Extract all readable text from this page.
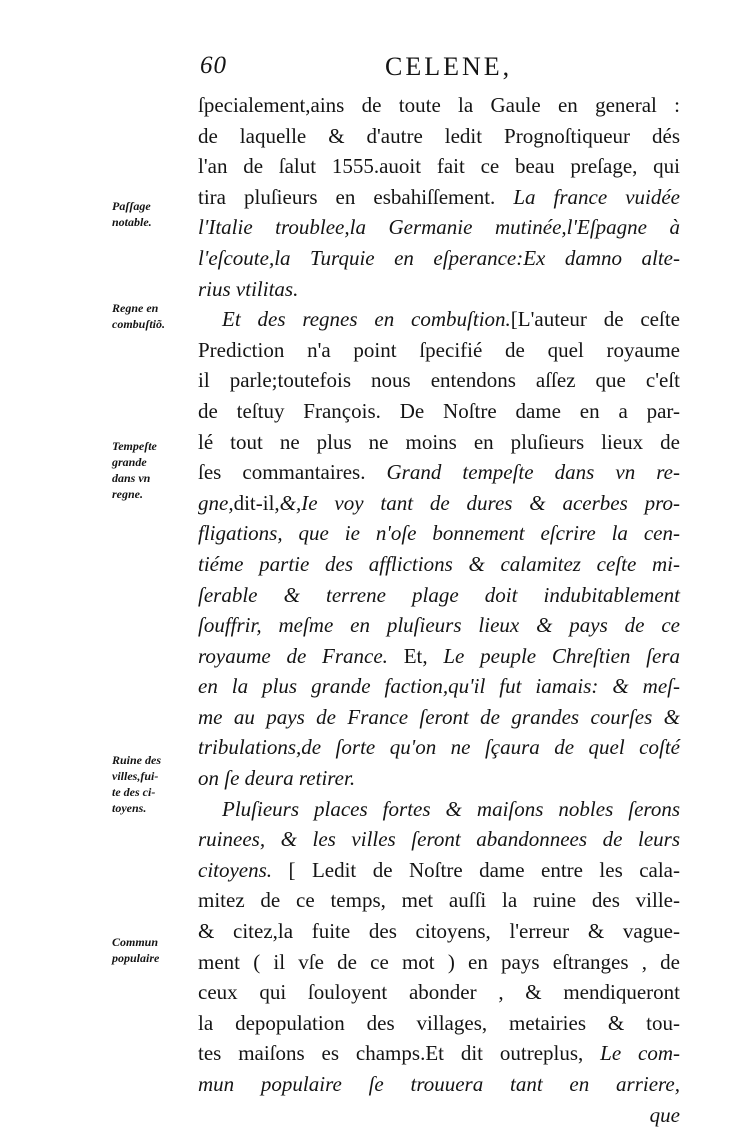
60	CELENE,
ſpecialement,ains de toute la Gaule en general :
de laquelle & d'autre ledit Prognoſtiqueur dés
l'an de ſalut 1555.auoit fait ce beau preſage, qui
tira pluſieurs en esbahiſſement. La france vuidée
l'Italie troublee,la Germanie mutinée,l'Eſpagne à
l'eſcoute,la Turquie en eſperance:Ex damno alte-
rius vtilitas.
Et des regnes en combuſtion.[L'auteur de ceſte
Prediction n'a point ſpecifié de quel royaume
il parle;toutefois nous entendons aſſez que c'eſt
de teſtuy François. De Noſtre dame en a par-
lé tout ne plus ne moins en pluſieurs lieux de
ſes commantaires. Grand tempeſte dans vn re-
gne,dit-il,&,Ie voy tant de dures & acerbes pro-
fligations, que ie n'oſe bonnement eſcrire la cen-
tiéme partie des afflictions & calamitez ceſte mi-
ſerable & terrene plage doit indubitablement
ſouffrir, meſme en pluſieurs lieux & pays de ce
royaume de France. Et, Le peuple Chreſtien ſera
en la plus grande faction,qu'il fut iamais: & meſ-
me au pays de France ſeront de grandes courſes &
tribulations,de ſorte qu'on ne ſçaura de quel coſté
on ſe deura retirer.
Pluſieurs places fortes & maiſons nobles ſerons
ruinees, & les villes ſeront abandonnees de leurs
citoyens. [ Ledit de Noſtre dame entre les cala-
mitez de ce temps, met auſſi la ruine des ville-
& citez,la fuite des citoyens, l'erreur & vague-
ment ( il vſe de ce mot ) en pays eſtranges , de
ceux qui ſouloyent abonder , & mendiqueront
la depopulation des villages, metairies & tou-
tes maiſons es champs.Et dit outreplus, Le com-
mun populaire ſe trouuera tant en arriere,
que
Paſſage
notable.
Regne en
combuſtiõ.
Tempeſte
grande
dans vn
regne.
Ruine des
villes,fui-
te des ci-
toyens.
Commun
populaire
